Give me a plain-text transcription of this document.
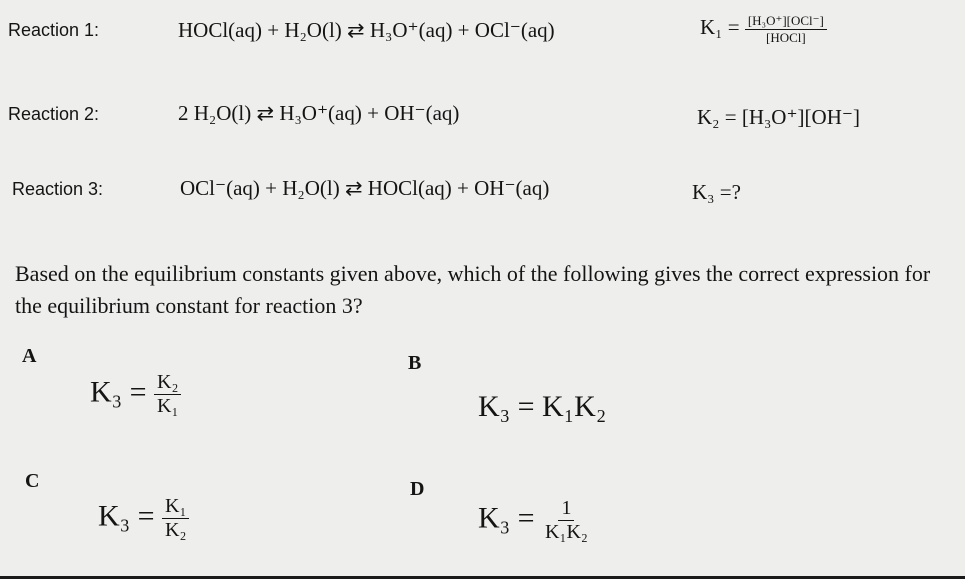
Reaction 1:	HOCl(aq) + H₂O(l) ⇄ H₃O⁺(aq) + OCl⁻(aq)	$K_1 = \frac{\text{[H₃O⁺][OCl⁻]}}{\text{[HOCl]}}$
Reaction 2:	2 H₂O(l) ⇄ H₃O⁺(aq) + OH⁻(aq)	K₂ = [H₃O⁺][OH⁻]
Reaction 3:	OCl⁻(aq) + H₂O(l) ⇄ HOCl(aq) + OH⁻(aq)	K₃ =?
Based on the equilibrium constants given above, which of the following gives the correct expression for the equilibrium constant for reaction 3?
A
$K_3 = \frac{\text{K₂}}{\text{K₁}}$
B
K₃ = K₁K₂
C
$K_3 = \frac{\text{K₁}}{\text{K₂}}$
D
$K_3 = \frac{1}{\text{K₁K₂}}$
